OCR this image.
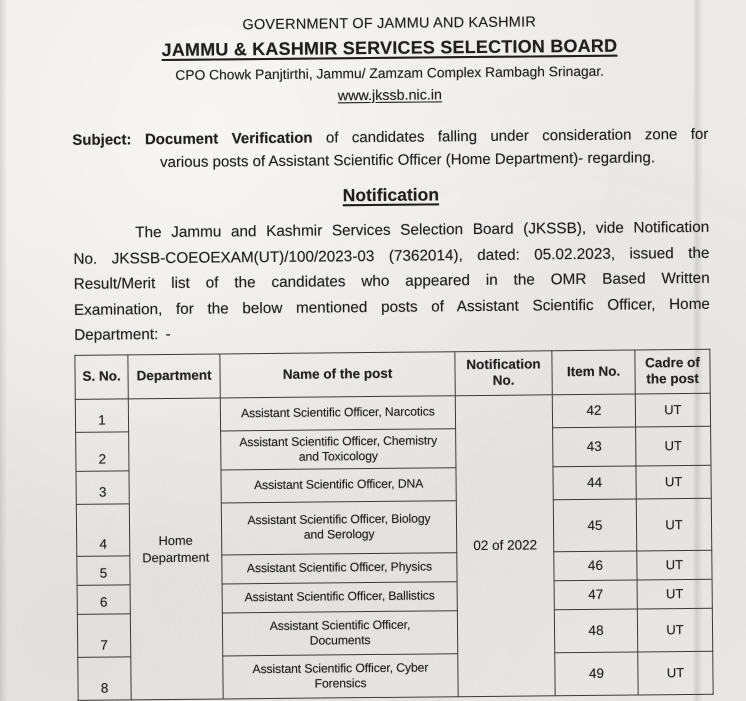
GOVERNMENT OF JAMMU AND KASHMIR
JAMMU & KASHMIR SERVICES SELECTION BOARD
CPO Chowk Panjtirthi, Jammu/ Zamzam Complex Rambagh Srinagar.
www.jkssb.nic.in
Subject: Document Verification of candidates falling under consideration zone for
various posts of Assistant Scientific Officer (Home Department)- regarding.
Notification

The Jammu and Kashmir Services Selection Board (JKSSB), vide Notification No. JKSSB-COEOEXAM(UT)/100/2023-03 (7362014), dated: 05.02.2023, issued the Result/Merit list of the candidates who appeared in the OMR Based Written Examination, for the below mentioned posts of Assistant Scientific Officer, Home Department: -

S. No.	Department	Name of the post	Notification No.	Item No.	Cadre of the post
1	Home
Department	Assistant Scientific Officer, Narcotics	02 of 2022	42	UT
2		Assistant Scientific Officer, Chemistry
and Toxicology		43	UT
3		Assistant Scientific Officer, DNA		44	UT
4		Assistant Scientific Officer, Biology
and Serology		45	UT
5		Assistant Scientific Officer, Physics		46	UT
6		Assistant Scientific Officer, Ballistics		47	UT
7		Assistant Scientific Officer,
Documents		48	UT
8		Assistant Scientific Officer, Cyber
Forensics		49	UT
